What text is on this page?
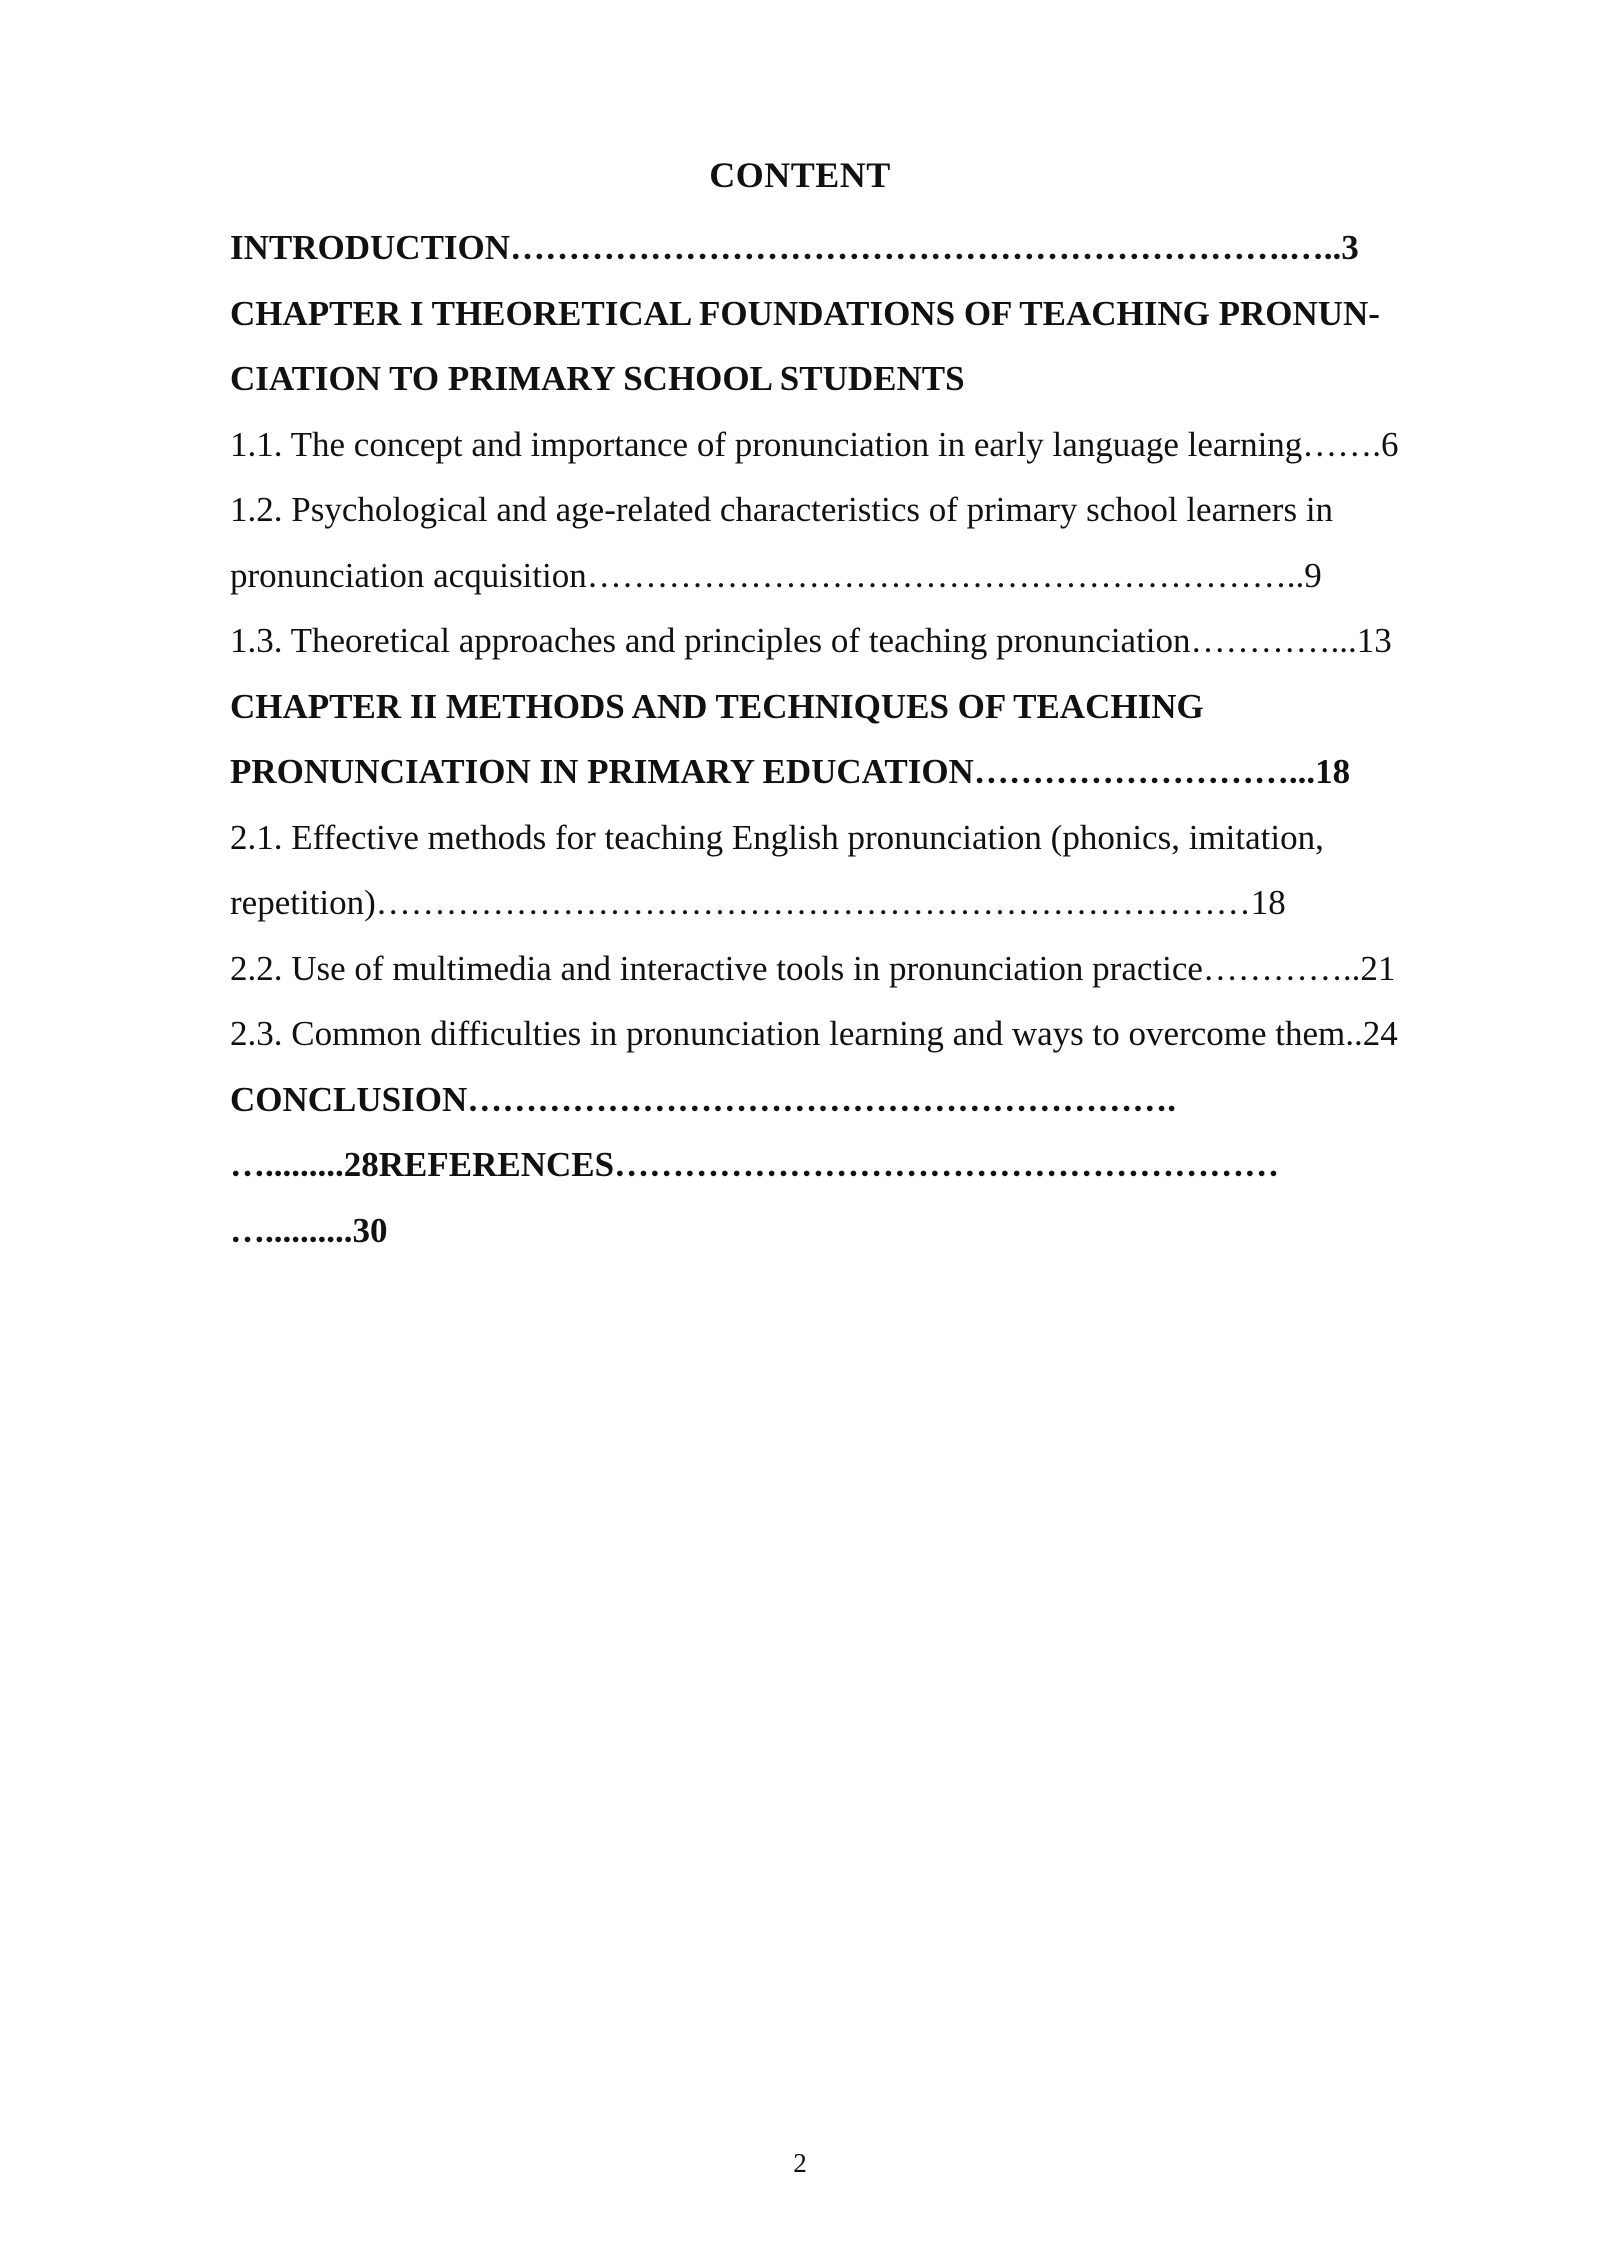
CONTENT
INTRODUCTION………………………………………………………….…..3
CHAPTER I THEORETICAL FOUNDATIONS OF TEACHING PRONUN-
CIATION TO PRIMARY SCHOOL STUDENTS
1.1. The concept and importance of pronunciation in early language learning…….6
1.2. Psychological and age-related characteristics of primary school learners in
pronunciation acquisition……………………………………………………..9
1.3. Theoretical approaches and principles of teaching pronunciation…………...13
CHAPTER II METHODS AND TECHNIQUES OF TEACHING
PRONUNCIATION IN PRIMARY EDUCATION………………………...18
2.1. Effective methods for teaching English pronunciation (phonics, imitation,
repetition)…………………………………………………………………18
2.2. Use of multimedia and interactive tools in pronunciation practice…………..21
2.3. Common difficulties in pronunciation learning and ways to overcome them..24
CONCLUSION…………………………………………………….
….........28REFERENCES…………………………………………………
…..........30
2
